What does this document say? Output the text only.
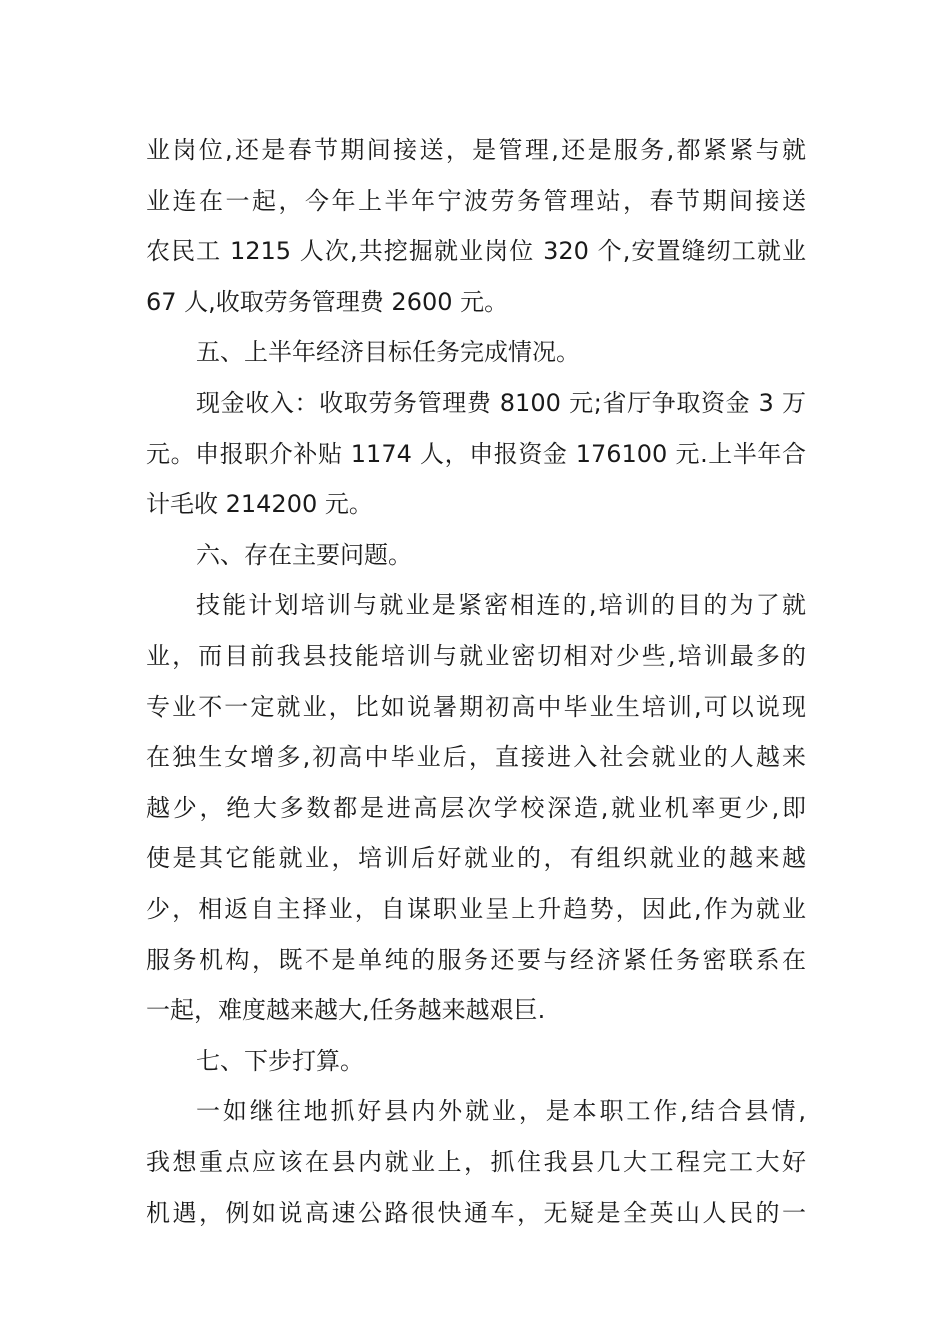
业岗位,还是春节期间接送，是管理,还是服务,都紧紧与就
业连在一起，今年上半年宁波劳务管理站，春节期间接送
农民工 1215 人次,共挖掘就业岗位 320 个,安置缝纫工就业
67 人,收取劳务管理费 2600 元。
五、上半年经济目标任务完成情况。
现金收入：收取劳务管理费 8100 元;省厅争取资金 3 万
元。申报职介补贴 1174 人，申报资金 176100 元.上半年合
计毛收 214200 元。
六、存在主要问题。
技能计划培训与就业是紧密相连的,培训的目的为了就
业，而目前我县技能培训与就业密切相对少些,培训最多的
专业不一定就业，比如说暑期初高中毕业生培训,可以说现
在独生女增多,初高中毕业后，直接进入社会就业的人越来
越少，绝大多数都是进高层次学校深造,就业机率更少,即
使是其它能就业，培训后好就业的，有组织就业的越来越
少，相返自主择业，自谋职业呈上升趋势，因此,作为就业
服务机构，既不是单纯的服务还要与经济紧任务密联系在
一起，难度越来越大,任务越来越艰巨.
七、下步打算。
一如继往地抓好县内外就业，是本职工作,结合县情,
我想重点应该在县内就业上，抓住我县几大工程完工大好
机遇，例如说高速公路很快通车，无疑是全英山人民的一
